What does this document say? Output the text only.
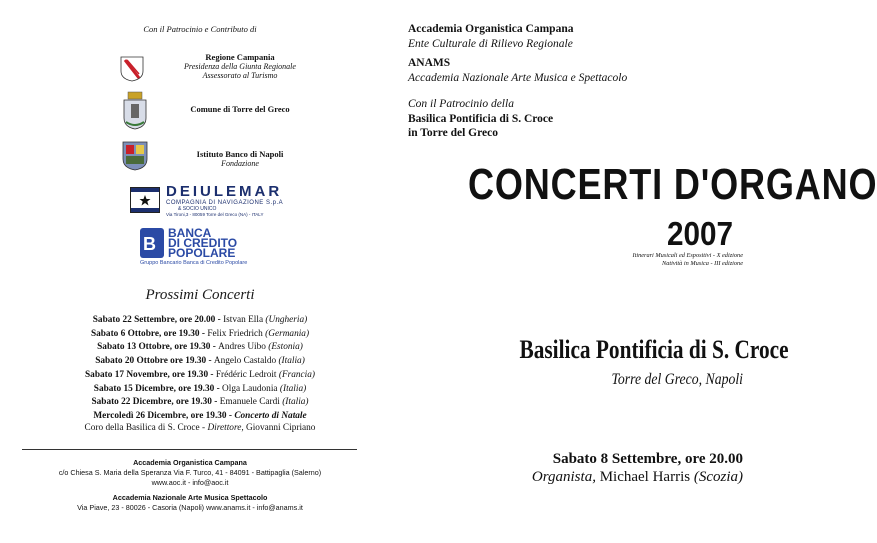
Con il Patrocinio e Contributo di
Regione Campania
Presidenza della Giunta Regionale
Assessorato al Turismo
Comune di Torre del Greco
Istituto Banco di Napoli
Fondazione
DEIULEMAR
COMPAGNIA DI NAVIGAZIONE S.p.A
& SOCIO UNICO
Via Tironi,3 - 80059 Torre del Greco (NA) - ITALY
B
BANCA
DI CREDITO
POPOLARE
Gruppo Bancario Banca di Credito Popolare
Prossimi Concerti
Sabato 22 Settembre, ore 20.00 - Istvan Ella (Ungheria)
Sabato 6 Ottobre, ore 19.30 - Felix Friedrich (Germania)
Sabato 13 Ottobre, ore 19.30 - Andres Uibo (Estonia)
Sabato 20 Ottobre ore 19.30 - Angelo Castaldo (Italia)
Sabato 17 Novembre, ore 19.30 - Frédéric Ledroit (Francia)
Sabato 15 Dicembre, ore 19.30 - Olga Laudonia (Italia)
Sabato 22 Dicembre, ore 19.30 - Emanuele Cardi (Italia)
Mercoledì 26 Dicembre, ore 19.30 - Concerto di Natale
Coro della Basilica di S. Croce - Direttore, Giovanni Cipriano
Accademia Organistica Campana
c/o Chiesa S. Maria della Speranza Via F. Turco, 41 - 84091 - Battipaglia (Salerno)
www.aoc.it - info@aoc.it
Accademia Nazionale Arte Musica Spettacolo
Via Piave, 23 - 80026 - Casoria (Napoli) www.anams.it - info@anams.it
Accademia Organistica Campana
Ente Culturale di Rilievo Regionale
ANAMS
Accademia Nazionale Arte Musica e Spettacolo
Con il Patrocinio della
Basilica Pontificia di S. Croce
in Torre del Greco
CONCERTI D'ORGANO
2007
Itinerari Musicali ed Espositivi - X edizione
Natività in Musica - III edizione
Basilica Pontificia di S. Croce
Torre del Greco, Napoli
Sabato 8 Settembre, ore 20.00
Organista, Michael Harris (Scozia)
